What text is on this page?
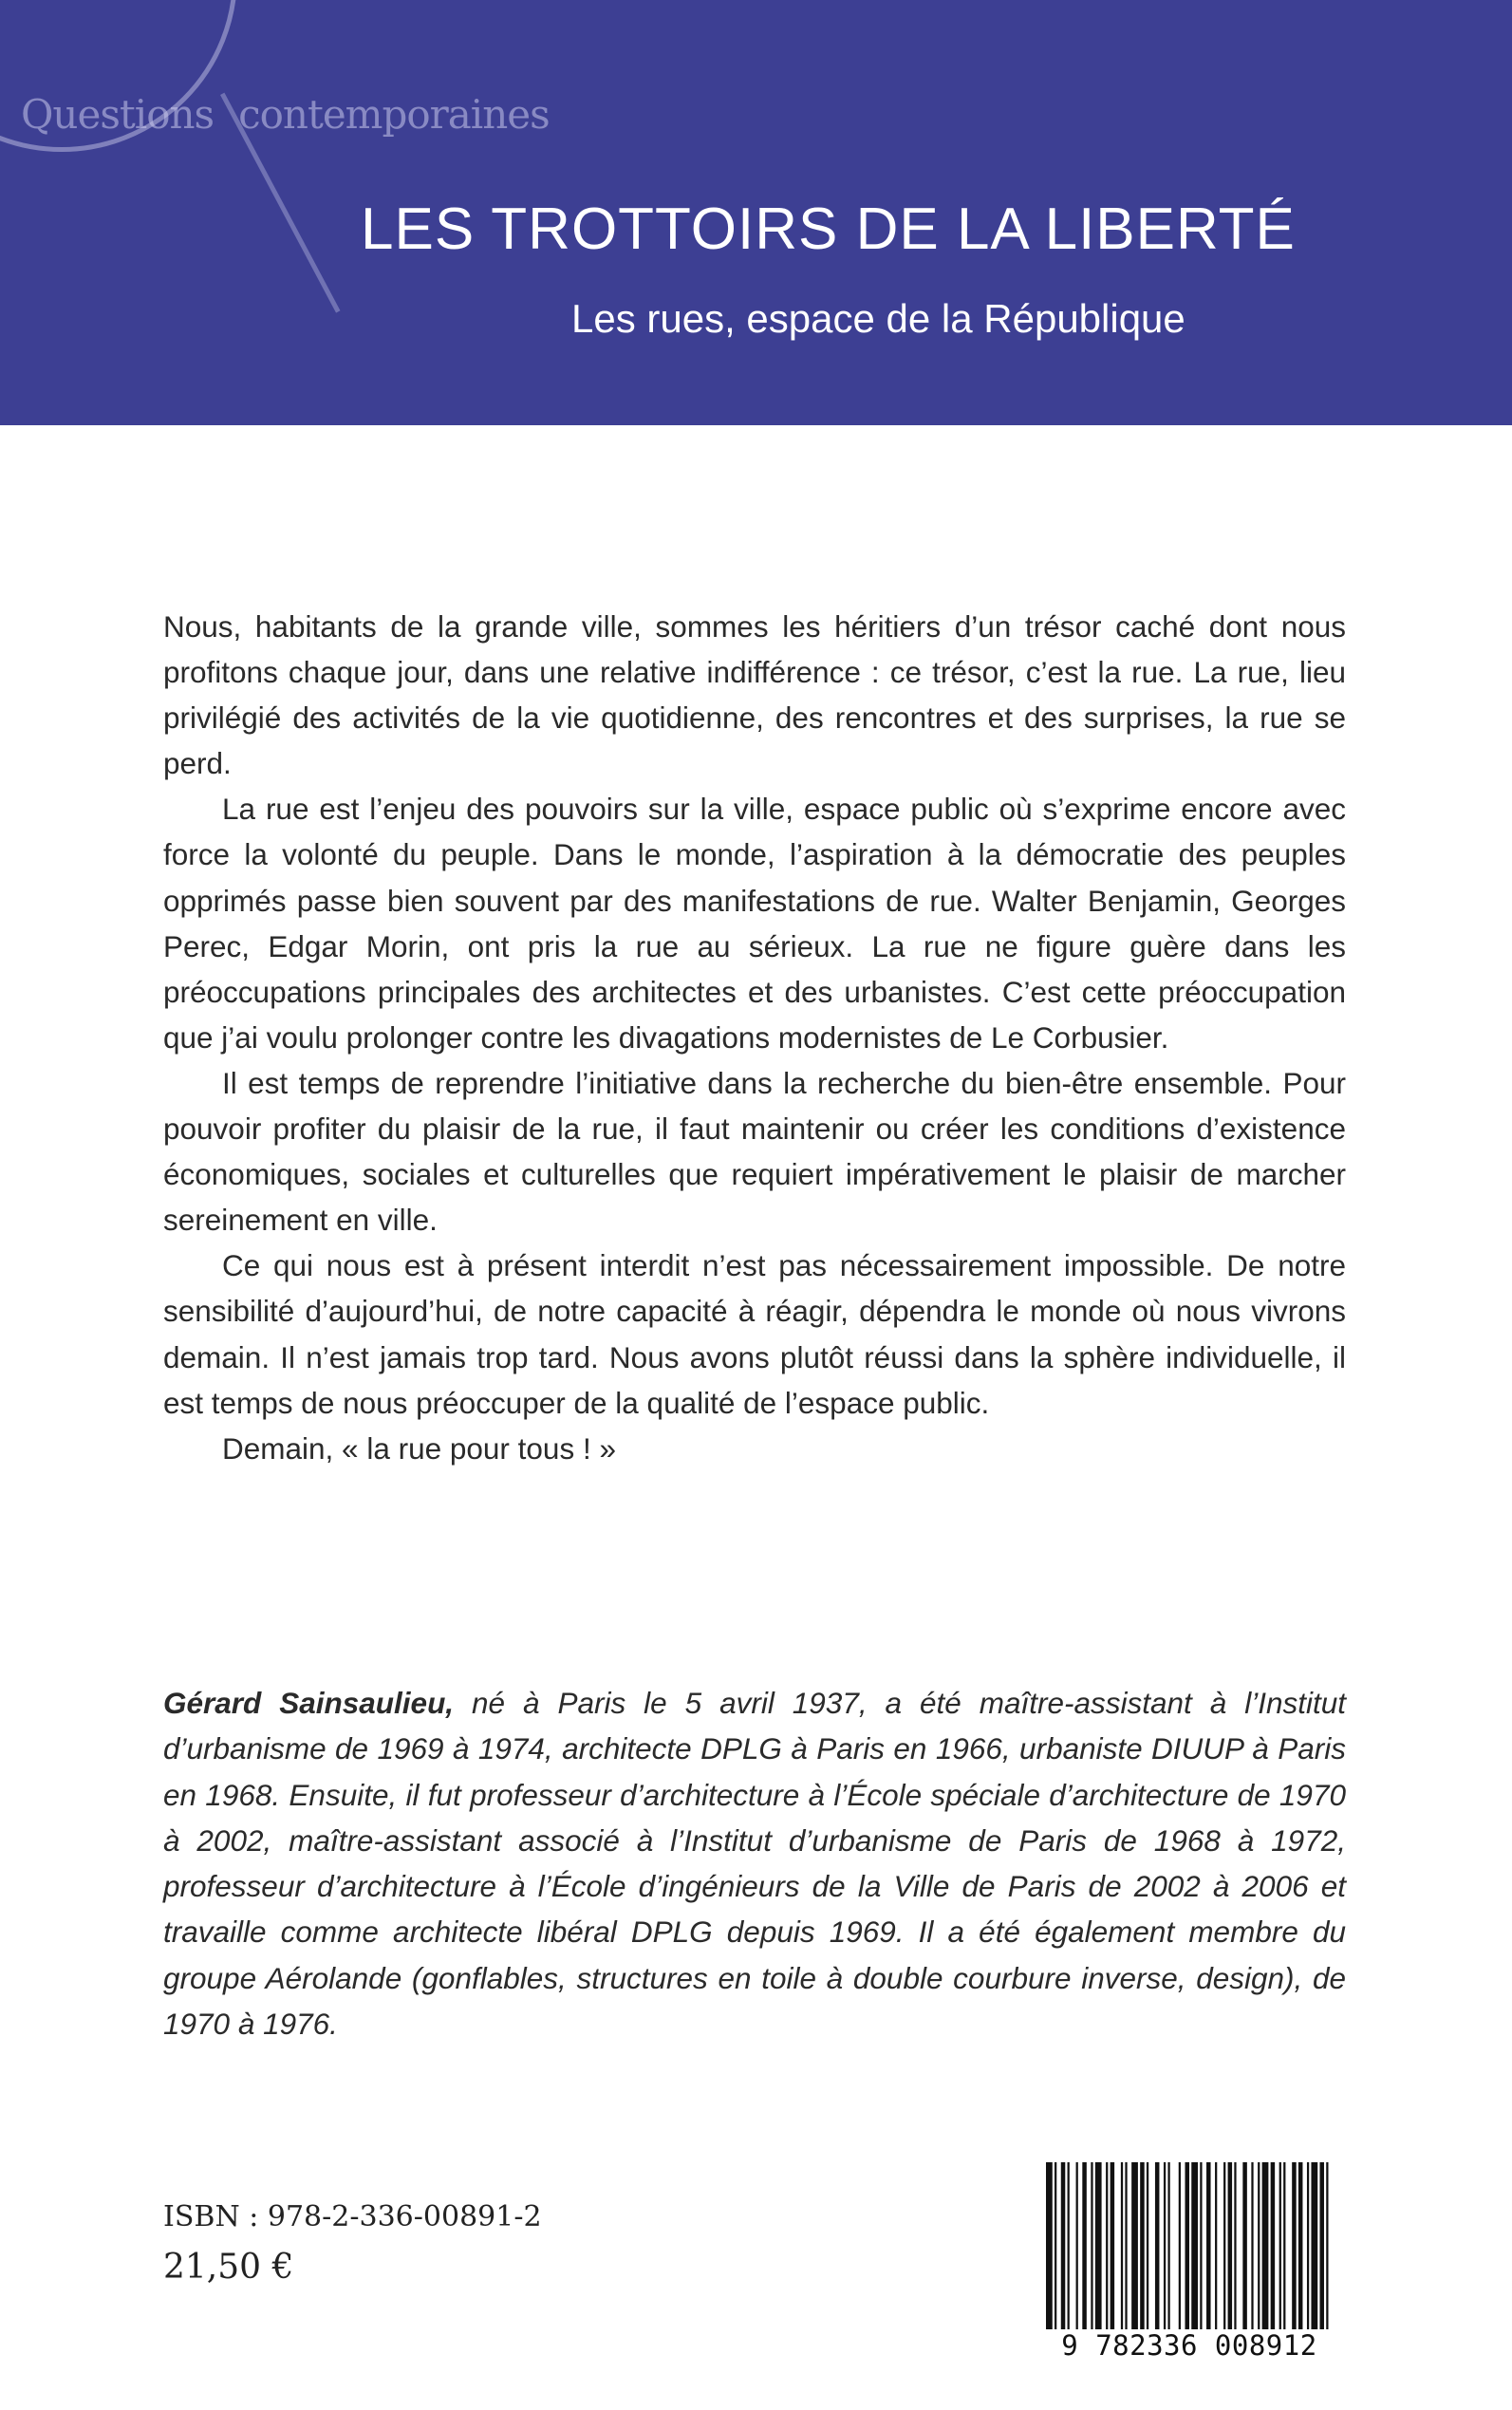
Questions contemporaines
LES TROTTOIRS DE LA LIBERTÉ
Les rues, espace de la République

Nous, habitants de la grande ville, sommes les héritiers d’un trésor caché dont nous profitons chaque jour, dans une relative indifférence : ce trésor, c’est la rue. La rue, lieu privilégié des activités de la vie quotidienne, des rencontres et des surprises, la rue se perd.

La rue est l’enjeu des pouvoirs sur la ville, espace public où s’exprime encore avec force la volonté du peuple. Dans le monde, l’aspiration à la démocratie des peuples opprimés passe bien souvent par des manifestations de rue. Walter Benjamin, Georges Perec, Edgar Morin, ont pris la rue au sérieux. La rue ne figure guère dans les préoccupations principales des architectes et des urbanistes. C’est cette préoccupation que j’ai voulu prolonger contre les divagations modernistes de Le Corbusier.

Il est temps de reprendre l’initiative dans la recherche du bien-être ensemble. Pour pouvoir profiter du plaisir de la rue, il faut maintenir ou créer les conditions d’existence économiques, sociales et culturelles que requiert impérativement le plaisir de marcher sereinement en ville.

Ce qui nous est à présent interdit n’est pas nécessairement impossible. De notre sensibilité d’aujourd’hui, de notre capacité à réagir, dépendra le monde où nous vivrons demain. Il n’est jamais trop tard. Nous avons plutôt réussi dans la sphère individuelle, il est temps de nous préoccuper de la qualité de l’espace public.

Demain, « la rue pour tous ! »

Gérard Sainsaulieu, né à Paris le 5 avril 1937, a été maître-assistant à l’Institut d’urbanisme de 1969 à 1974, architecte DPLG à Paris en 1966, urbaniste DIUUP à Paris en 1968. Ensuite, il fut professeur d’architecture à l’École spéciale d’architecture de 1970 à 2002, maître-assistant associé à l’Institut d’urbanisme de Paris de 1968 à 1972, professeur d’architecture à l’École d’ingénieurs de la Ville de Paris de 2002 à 2006 et travaille comme architecte libéral DPLG depuis 1969. Il a été également membre du groupe Aérolande (gonflables, structures en toile à double courbure inverse, design), de 1970 à 1976.

ISBN : 978-2-336-00891-2
21,50 €
9 782336 008912
